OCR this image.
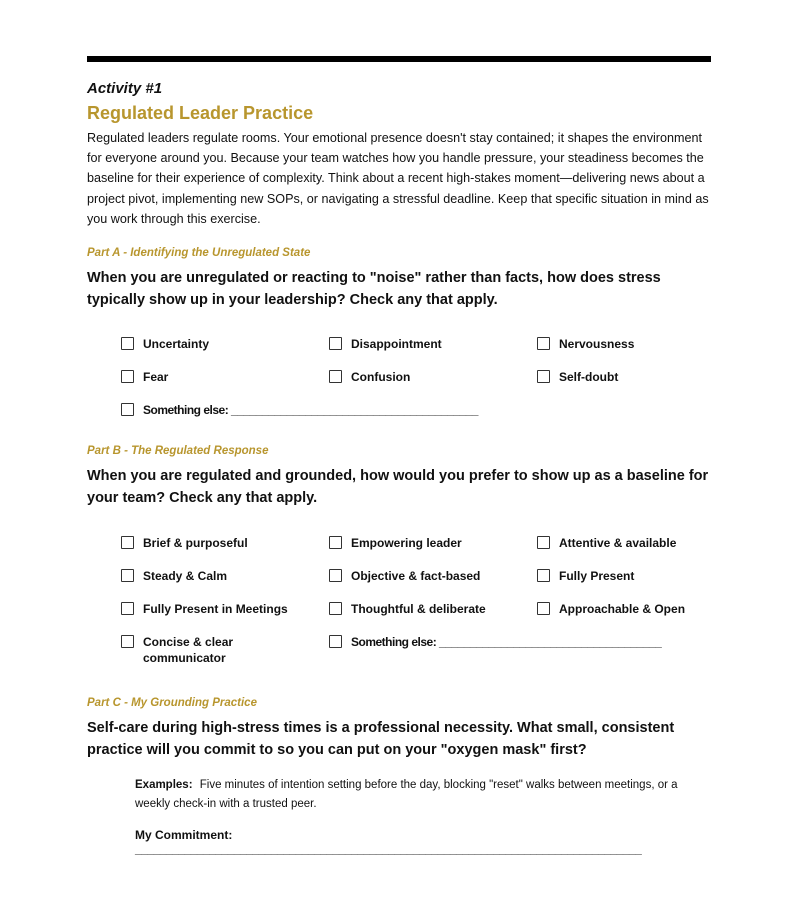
Activity #1
Regulated Leader Practice
Regulated leaders regulate rooms. Your emotional presence doesn't stay contained; it shapes the environment for everyone around you. Because your team watches how you handle pressure, your steadiness becomes the baseline for their experience of complexity. Think about a recent high-stakes moment—delivering news about a project pivot, implementing new SOPs, or navigating a stressful deadline. Keep that specific situation in mind as you work through this exercise.
Part A - Identifying the Unregulated State
When you are unregulated or reacting to "noise" rather than facts, how does stress typically show up in your leadership? Check any that apply.
Uncertainty	Disappointment	Nervousness
Fear	Confusion	Self-doubt
Something else: ________________________________________
Part B - The Regulated Response
When you are regulated and grounded, how would you prefer to show up as a baseline for your team? Check any that apply.
Brief & purposeful	Empowering leader	Attentive & available
Steady & Calm	Objective & fact-based	Fully Present
Fully Present in Meetings	Thoughtful & deliberate	Approachable & Open
Concise & clear communicator
Something else: ____________________________________
Part C - My Grounding Practice
Self-care during high-stress times is a professional necessity. What small, consistent practice will you commit to so you can put on your "oxygen mask" first?
Examples: Five minutes of intention setting before the day, blocking "reset" walks between meetings, or a weekly check-in with a trusted peer.
My Commitment: __________________________________________________________________________________
